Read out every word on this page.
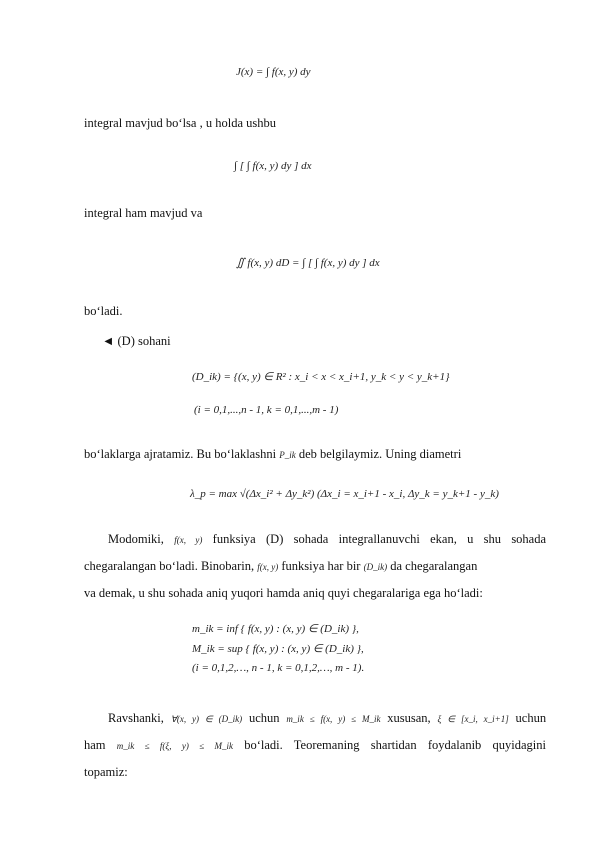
J(x) = ∫ f(x, y) dy
integral mavjud bo‘lsa , u holda ushbu
∫ [ ∫ f(x, y) dy ] dx
integral ham mavjud va
∬ f(x, y) dD = ∫ [ ∫ f(x, y) dy ] dx
bo‘ladi.
◄ (D) sohani
(D_ik) = {(x, y) ∈ R² : x_i < x < x_i+1, y_k < y < y_k+1}
(i = 0,1,...,n - 1, k = 0,1,...,m - 1)
bo‘laklarga ajratamiz. Bu bo‘laklashni P_ik deb belgilaymiz. Uning diametri
λ_p = max √(Δx_i² + Δy_k²) (Δx_i = x_i+1 - x_i, Δy_k = y_k+1 - y_k)
Modomiki, f(x, y) funksiya (D) sohada integrallanuvchi ekan, u shu sohada
chegaralangan bo‘ladi. Binobarin, f(x, y) funksiya har bir (D_ik) da chegaralangan
va demak, u shu sohada aniq yuqori hamda aniq quyi chegaralariga ega ho‘ladi:
m_ik = inf { f(x, y) : (x, y) ∈ (D_ik) },
M_ik = sup { f(x, y) : (x, y) ∈ (D_ik) },
(i = 0,1,2,…, n - 1, k = 0,1,2,…, m - 1).
Ravshanki, ∀(x, y) ∈ (D_ik) uchun m_ik ≤ f(x, y) ≤ M_ik xususan, ξ ∈ [x_i, x_i+1] uchun
ham m_ik ≤ f(ξ, y) ≤ M_ik bo‘ladi. Teoremaning shartidan foydalanib quyidagini
topamiz:
